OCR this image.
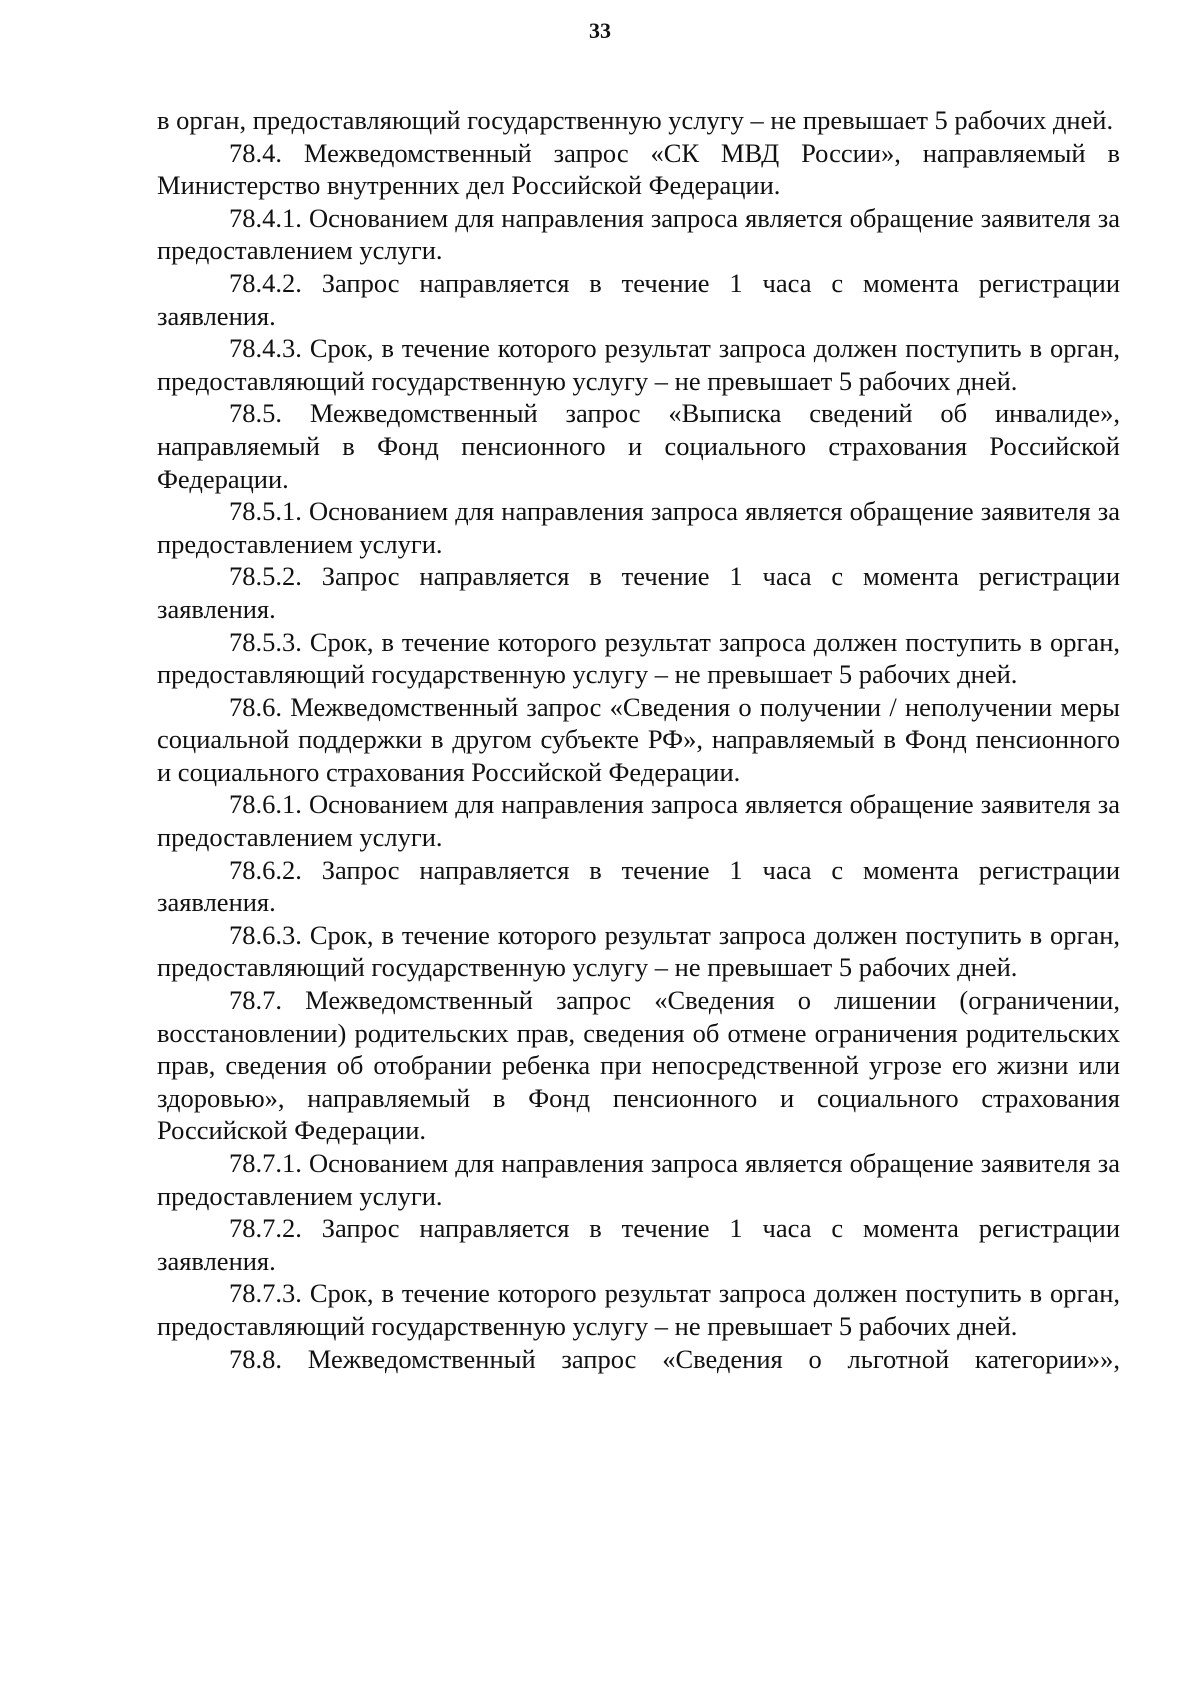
33

в орган, предоставляющий государственную услугу – не превышает 5 рабочих дней.

78.4. Межведомственный запрос «СК МВД России», направляемый в Министерство внутренних дел Российской Федерации.

78.4.1. Основанием для направления запроса является обращение заявителя за предоставлением услуги.

78.4.2. Запрос направляется в течение 1 часа с момента регистрации заявления.

78.4.3. Срок, в течение которого результат запроса должен поступить в орган, предоставляющий государственную услугу – не превышает 5 рабочих дней.

78.5. Межведомственный запрос «Выписка сведений об инвалиде», направляемый в Фонд пенсионного и социального страхования Российской Федерации.

78.5.1. Основанием для направления запроса является обращение заявителя за предоставлением услуги.

78.5.2. Запрос направляется в течение 1 часа с момента регистрации заявления.

78.5.3. Срок, в течение которого результат запроса должен поступить в орган, предоставляющий государственную услугу – не превышает 5 рабочих дней.

78.6. Межведомственный запрос «Сведения о получении / неполучении меры социальной поддержки в другом субъекте РФ», направляемый в Фонд пенсионного и социального страхования Российской Федерации.

78.6.1. Основанием для направления запроса является обращение заявителя за предоставлением услуги.

78.6.2. Запрос направляется в течение 1 часа с момента регистрации заявления.

78.6.3. Срок, в течение которого результат запроса должен поступить в орган, предоставляющий государственную услугу – не превышает 5 рабочих дней.

78.7. Межведомственный запрос «Сведения о лишении (ограничении, восстановлении) родительских прав, сведения об отмене ограничения родительских прав, сведения об отобрании ребенка при непосредственной угрозе его жизни или здоровью», направляемый в Фонд пенсионного и социального страхования Российской Федерации.

78.7.1. Основанием для направления запроса является обращение заявителя за предоставлением услуги.

78.7.2. Запрос направляется в течение 1 часа с момента регистрации заявления.

78.7.3. Срок, в течение которого результат запроса должен поступить в орган, предоставляющий государственную услугу – не превышает 5 рабочих дней.

78.8. Межведомственный запрос «Сведения о льготной категории»»,
